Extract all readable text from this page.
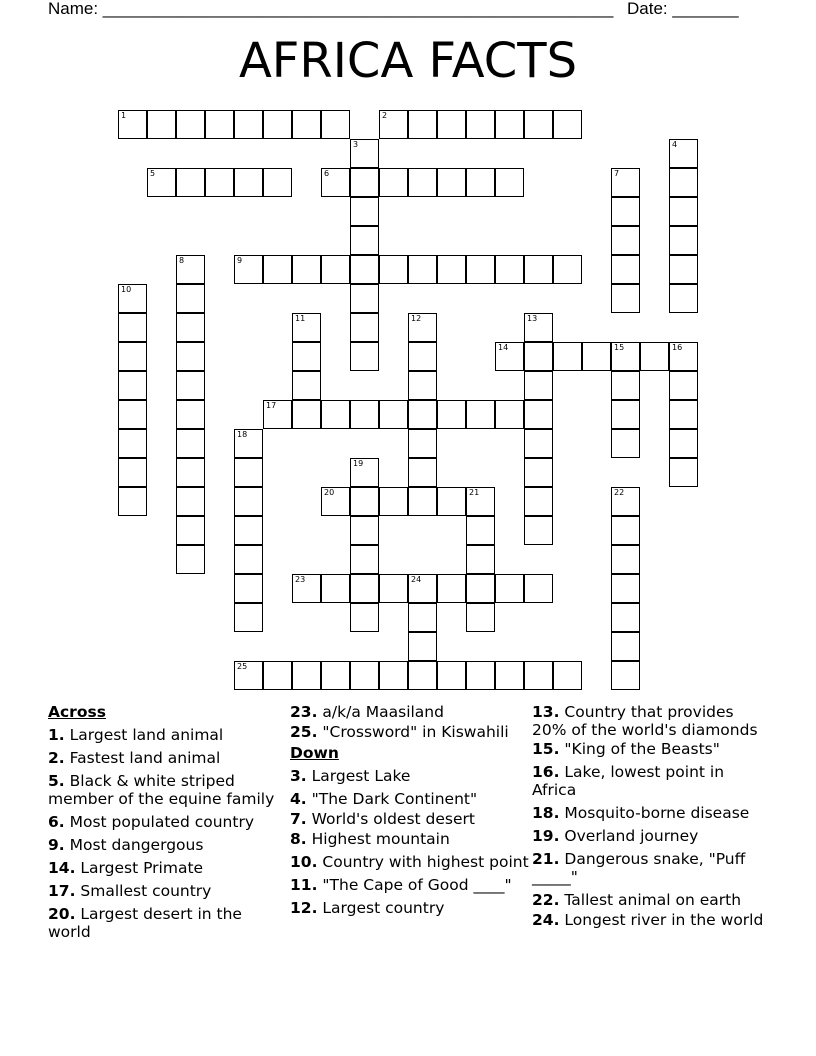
Name: ______________________________________________________ Date: _______
AFRICA FACTS
1	2
3	4
5	6	7
8	9
10
11	12	13
14	15	16
17
18
19
20	21	22
23	24
25
Across
1. Largest land animal
2. Fastest land animal
5. Black & white striped member of the equine family
6. Most populated country
9. Most dangergous
14. Largest Primate
17. Smallest country
20. Largest desert in the world
23. a/k/a Maasiland
25. "Crossword" in Kiswahili
Down
3. Largest Lake
4. "The Dark Continent"
7. World's oldest desert
8. Highest mountain
10. Country with highest point
11. "The Cape of Good ____"
12. Largest country
13. Country that provides 20% of the world's diamonds
15. "King of the Beasts"
16. Lake, lowest point in Africa
18. Mosquito-borne disease
19. Overland journey
21. Dangerous snake, "Puff _____"
22. Tallest animal on earth
24. Longest river in the world
